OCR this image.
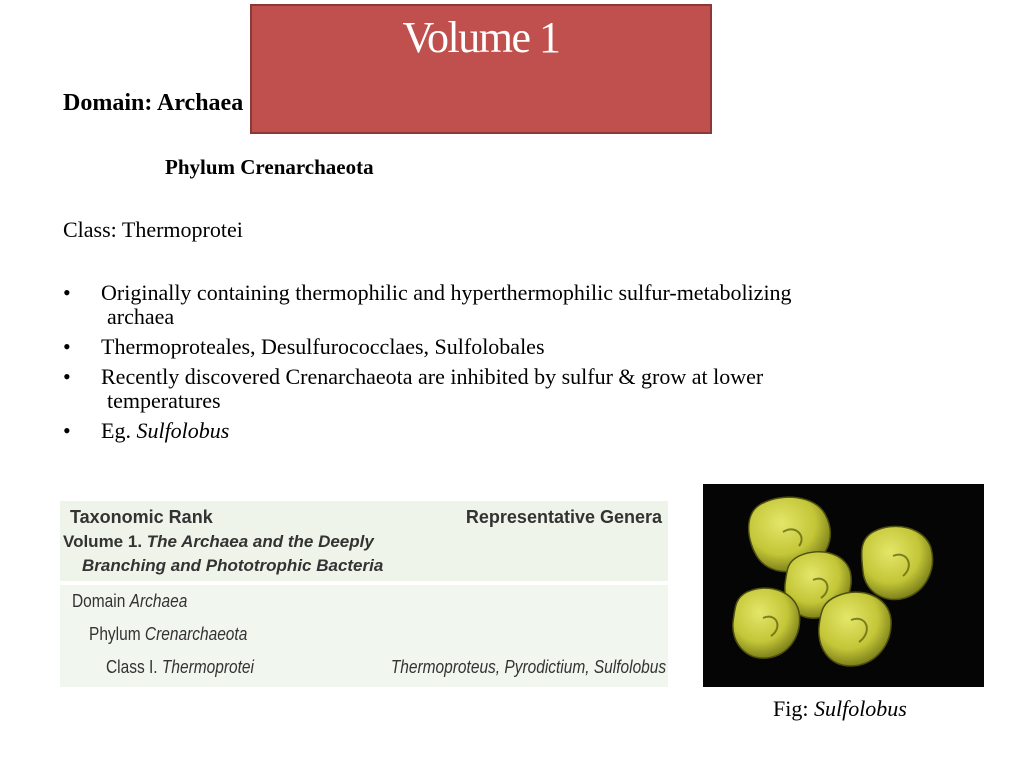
Volume 1
Domain: Archaea
Phylum Crenarchaeota
Class: Thermoprotei
• Originally containing thermophilic and hyperthermophilic sulfur-metabolizing
archaea
• Thermoproteales, Desulfurococclaes, Sulfolobales
• Recently discovered Crenarchaeota are inhibited by sulfur & grow at lower
temperatures
• Eg. Sulfolobus
Taxonomic Rank	Representative Genera
Volume 1. The Archaea and the Deeply
Branching and Phototrophic Bacteria
Domain Archaea
Phylum Crenarchaeota
Class I. Thermoprotei	Thermoproteus, Pyrodictium, Sulfolobus
Fig: Sulfolobus
